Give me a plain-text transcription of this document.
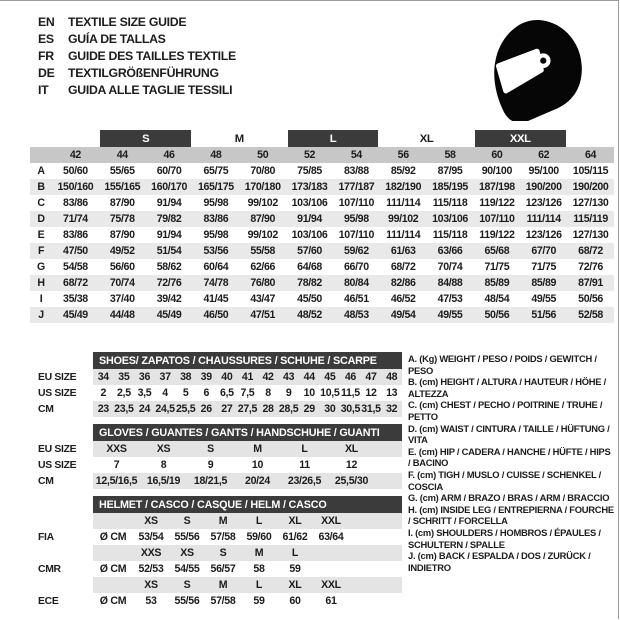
EN	TEXTILE SIZE GUIDE
ES	GUÍA DE TALLAS
FR	GUIDE DES TAILLES TEXTILE
DE	TEXTILGRÖßENFÜHRUNG
IT	GUIDA ALLE TAGLIE TESSILI
		S		M		L		XL		XXL		
	42	44	46	48	50	52	54	56	58	60	62	64
A	50/60	55/65	60/70	65/75	70/80	75/85	83/88	85/92	87/95	90/100	95/100	105/115
B	150/160	155/165	160/170	165/175	170/180	173/183	177/187	182/190	185/195	187/198	190/200	190/200
C	83/86	87/90	91/94	95/98	99/102	103/106	107/110	111/114	115/118	119/122	123/126	127/130
D	71/74	75/78	79/82	83/86	87/90	91/94	95/98	99/102	103/106	107/110	111/114	115/119
E	83/86	87/90	91/94	95/98	99/102	103/106	107/110	111/114	115/118	119/122	123/126	127/130
F	47/50	49/52	51/54	53/56	55/58	57/60	59/62	61/63	63/66	65/68	67/70	68/72
G	54/58	56/60	58/62	60/64	62/66	64/68	66/70	68/72	70/74	71/75	71/75	72/76
H	68/72	70/74	72/76	74/78	76/80	78/82	80/84	82/86	84/88	85/89	85/89	87/91
I	35/38	37/40	39/42	41/45	43/47	45/50	46/51	46/52	47/53	48/54	49/55	50/56
J	45/49	44/48	45/49	46/50	47/51	48/52	48/53	49/54	49/55	50/56	51/56	52/58
	SHOES/ ZAPATOS / CHAUSSURES / SCHUHE / SCARPE														
EU SIZE	34	35	36	37	38	39	40	41	42	43	44	45	46	47	48
US SIZE	2	2,5	3,5	4	5	6	6,5	7,5	8	9	10	10,5	11,5	12	13
CM	23	23,5	24	24,5	25,5	26	27	27,5	28	28,5	29	30	30,5	31,5	32
	GLOVES / GUANTES / GANTS / HANDSCHUHE / GUANTI						
EU SIZE	XXS	XS	S	M	L	XL	
US SIZE	7	8	9	10	11	12	
CM	12,5/16,5	16,5/19	18/21,5	20/24	23/26,5	25,5/30	
	HELMET / CASCO / CASQUE / HELM / CASCO							
		XS	S	M	L	XL	XXL	
FIA	Ø CM	53/54	55/56	57/58	59/60	61/62	63/64	
		XXS	XS	S	M	L		
CMR	Ø CM	52/53	54/55	56/57	58	59		
		XS	S	M	L	XL	XXL	
ECE	Ø CM	53	55/56	57/58	59	60	61	
A. (Kg) WEIGHT / PESO / POIDS / GEWITCH / PESO
B. (cm) HEIGHT / ALTURA / HAUTEUR / HÖHE / ALTEZZA
C. (cm) CHEST / PECHO / POITRINE / TRUHE / PETTO
D. (cm) WAIST / CINTURA / TAILLE / HÜFTUNG / VITA
E. (cm) HIP / CADERA / HANCHE / HÜFTE / HIPS / BACINO
F. (cm) TIGH / MUSLO / CUISSE / SCHENKEL / COSCIA
G. (cm) ARM / BRAZO / BRAS / ARM / BRACCIO
H. (cm) INSIDE LEG / ENTREPIERNA / FOURCHE / SCHRITT / FORCELLA
I. (cm) SHOULDERS / HOMBROS / ÉPAULES / SCHULTERN / SPALLE
J. (cm) BACK / ESPALDA / DOS / ZURÜCK / INDIETRO
